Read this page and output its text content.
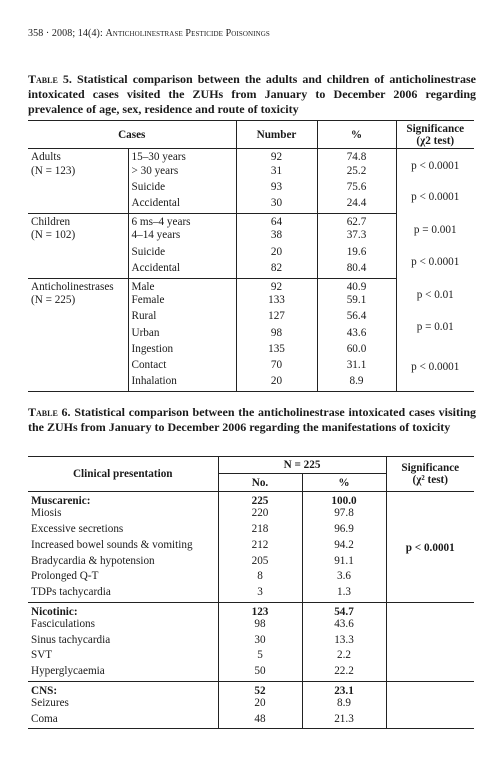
358 · 2008; 14(4): Anticholinestrase Pesticide Poisonings
Table 5. Statistical comparison between the adults and children of anticholinestrase intoxicated cases visited the ZUHs from January to December 2006 regarding prevalence of age, sex, residence and route of toxicity
Cases		Number	%	Significance
(χ2 test)
Adults	15–30 years	92	74.8	p < 0.0001
(N = 123)	> 30 years	31	25.2	
	Suicide	93	75.6	p < 0.0001
	Accidental	30	24.4	
Children	6 ms–4 years	64	62.7	p = 0.001
(N = 102)	4–14 years	38	37.3	
	Suicide	20	19.6	p < 0.0001
	Accidental	82	80.4	
Anticholinestrases	Male	92	40.9	p < 0.01
(N = 225)	Female	133	59.1	
	Rural	127	56.4	p = 0.01
	Urban	98	43.6	
	Ingestion	135	60.0	p < 0.0001
	Contact	70	31.1	
	Inhalation	20	8.9	
Table 6. Statistical comparison between the anticholinestrase intoxicated cases visiting the ZUHs from January to December 2006 regarding the manifestations of toxicity
Clinical presentation	N = 225		Significance
(χ² test)
	No.	%	
Muscarenic:	225	100.0	p < 0.0001
Miosis	220	97.8	
Excessive secretions	218	96.9	
Increased bowel sounds & vomiting	212	94.2	
Bradycardia & hypotension	205	91.1	
Prolonged Q-T	8	3.6	
TDPs tachycardia	3	1.3	
Nicotinic:	123	54.7	
Fasciculations	98	43.6	
Sinus tachycardia	30	13.3	
SVT	5	2.2	
Hyperglycaemia	50	22.2	
CNS:	52	23.1	
Seizures	20	8.9	
Coma	48	21.3	
